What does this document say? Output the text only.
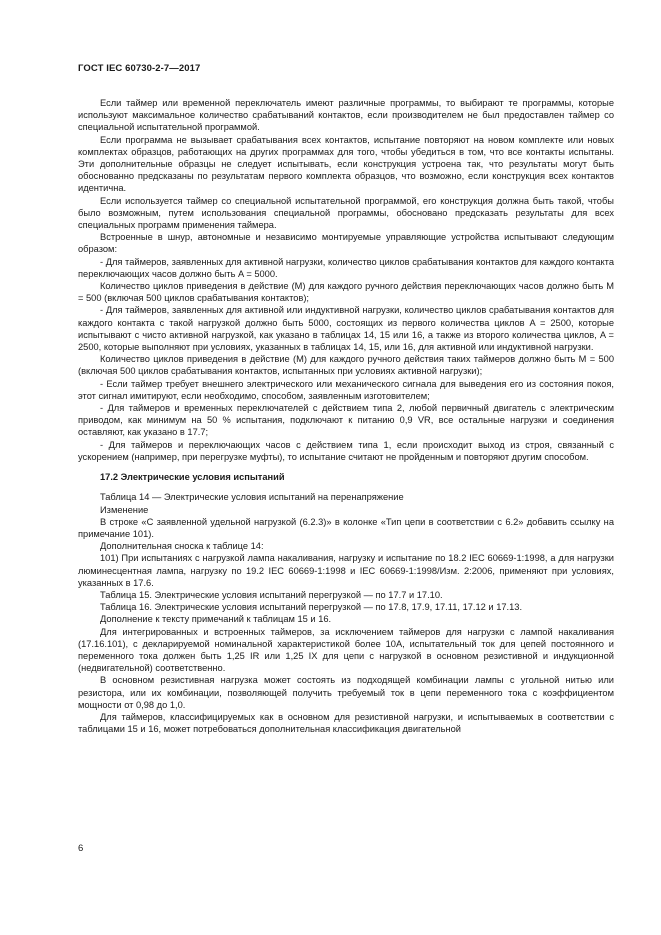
ГОСТ IEC 60730-2-7—2017

Если таймер или временной переключатель имеют различные программы, то выбирают те программы, которые используют максимальное количество срабатываний контактов, если производителем не был предоставлен таймер со специальной испытательной программой.

Если программа не вызывает срабатывания всех контактов, испытание повторяют на новом комплекте или новых комплектах образцов, работающих на других программах для того, чтобы убедиться в том, что все контакты испытаны. Эти дополнительные образцы не следует испытывать, если конструкция устроена так, что результаты могут быть обоснованно предсказаны по результатам первого комплекта образцов, что возможно, если конструкция всех контактов идентична.

Если используется таймер со специальной испытательной программой, его конструкция должна быть такой, чтобы было возможным, путем использования специальной программы, обосновано предсказать результаты для всех специальных программ применения таймера.

Встроенные в шнур, автономные и независимо монтируемые управляющие устройства испытывают следующим образом:

- Для таймеров, заявленных для активной нагрузки, количество циклов срабатывания контактов для каждого контакта переключающих часов должно быть A = 5000.

Количество циклов приведения в действие (M) для каждого ручного действия переключающих часов должно быть M = 500 (включая 500 циклов срабатывания контактов);

- Для таймеров, заявленных для активной или индуктивной нагрузки, количество циклов срабатывания контактов для каждого контакта с такой нагрузкой должно быть 5000, состоящих из первого количества циклов A = 2500, которые испытывают с чисто активной нагрузкой, как указано в таблицах 14, 15 или 16, а также из второго количества циклов, A = 2500, которые выполняют при условиях, указанных в таблицах 14, 15, или 16, для активной или индуктивной нагрузки.

Количество циклов приведения в действие (M) для каждого ручного действия таких таймеров должно быть M = 500 (включая 500 циклов срабатывания контактов, испытанных при условиях активной нагрузки);

- Если таймер требует внешнего электрического или механического сигнала для выведения его из состояния покоя, этот сигнал имитируют, если необходимо, способом, заявленным изготовителем;

- Для таймеров и временных переключателей с действием типа 2, любой первичный двигатель с электрическим приводом, как минимум на 50 % испытания, подключают к питанию 0,9 VR, все остальные нагрузки и соединения оставляют, как указано в 17.7;

- Для таймеров и переключающих часов с действием типа 1, если происходит выход из строя, связанный с ускорением (например, при перегрузке муфты), то испытание считают не пройденным и повторяют другим способом.

17.2 Электрические условия испытаний

Таблица 14 — Электрические условия испытаний на перенапряжение

Изменение

В строке «С заявленной удельной нагрузкой (6.2.3)» в колонке «Тип цепи в соответствии с 6.2» добавить ссылку на примечание 101).

Дополнительная сноска к таблице 14:

101) При испытаниях с нагрузкой лампа накаливания, нагрузку и испытание по 18.2 IEC 60669-1:1998, а для нагрузки люминесцентная лампа, нагрузку по 19.2 IEC 60669-1:1998 и IEC 60669-1:1998/Изм. 2:2006, применяют при условиях, указанных в 17.6.

Таблица 15. Электрические условия испытаний перегрузкой — по 17.7 и 17.10.

Таблица 16. Электрические условия испытаний перегрузкой — по 17.8, 17.9, 17.11, 17.12 и 17.13.

Дополнение к тексту примечаний к таблицам 15 и 16.

Для интегрированных и встроенных таймеров, за исключением таймеров для нагрузки с лампой накаливания (17.16.101), с декларируемой номинальной характеристикой более 10А, испытательный ток для цепей постоянного и переменного тока должен быть 1,25 IR или 1,25 IX для цепи с нагрузкой в основном резистивной и индукционной (недвигательной) соответственно.

В основном резистивная нагрузка может состоять из подходящей комбинации лампы с угольной нитью или резистора, или их комбинации, позволяющей получить требуемый ток в цепи переменного тока с коэффициентом мощности от 0,98 до 1,0.

Для таймеров, классифицируемых как в основном для резистивной нагрузки, и испытываемых в соответствии с таблицами 15 и 16, может потребоваться дополнительная классификация двигательной

6
